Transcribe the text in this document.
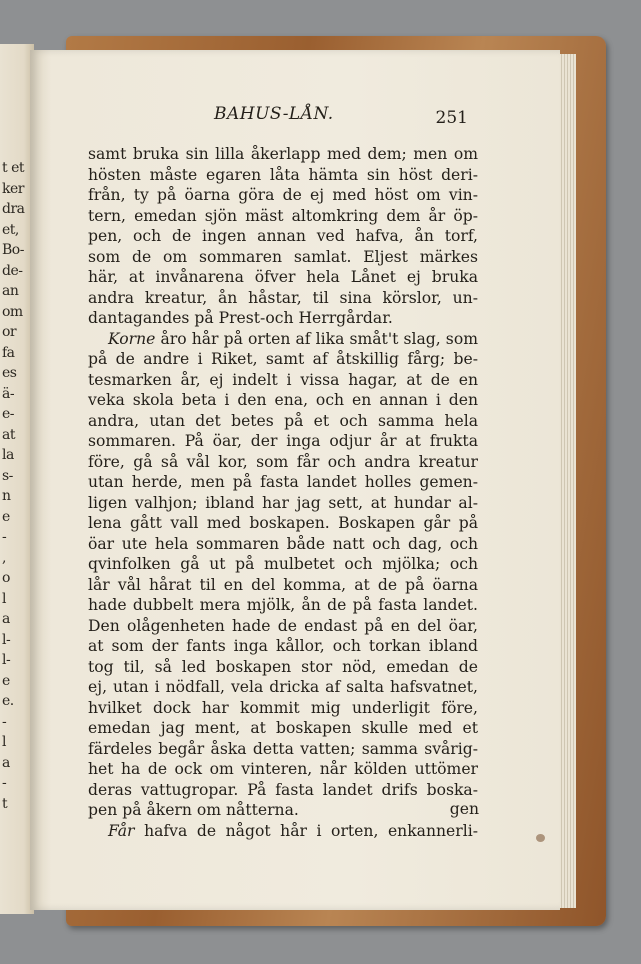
t et
ker
dra
et,
Bo-
de-
an
om
or
fa
es
ä-
e-
at
la
s-
n
e
-
,
o
l
a
l-
l-
e
e.
-
l
a
-
t
BAHUS-LÅN.	251

samt bruka sin lilla åkerlapp med dem; men om

hösten måste egaren låta hämta sin höst deri-

från, ty på öarna göra de ej med höst om vin-

tern, emedan sjön mäst altomkring dem år öp-

pen, och de ingen annan ved hafva, ån torf,

som de om sommaren samlat. Eljest märkes

här, at invånarena öfver hela Lånet ej bruka

andra kreatur, ån håstar, til sina körslor, un-

dantagandes på Prest-och Herrgårdar.

Korne åro hår på orten af lika småt't slag, som

på de andre i Riket, samt af åtskillig fårg; be-

tesmarken år, ej indelt i vissa hagar, at de en

veka skola beta i den ena, och en annan i den

andra, utan det betes på et och samma hela

sommaren. På öar, der inga odjur år at frukta

före, gå så vål kor, som får och andra kreatur

utan herde, men på fasta landet holles gemen-

ligen valhjon; ibland har jag sett, at hundar al-

lena gått vall med boskapen. Boskapen går på

öar ute hela sommaren både natt och dag, och

qvinfolken gå ut på mulbetet och mjölka; och

lår vål hårat til en del komma, at de på öarna

hade dubbelt mera mjölk, ån de på fasta landet.

Den olågenheten hade de endast på en del öar,

at som der fants inga kållor, och torkan ibland

tog til, så led boskapen stor nöd, emedan de

ej, utan i nödfall, vela dricka af salta hafsvatnet,

hvilket dock har kommit mig underligit före,

emedan jag ment, at boskapen skulle med et

färdeles begår åska detta vatten; samma svårig-

het ha de ock om vinteren, når kölden uttömer

deras vattugropar. På fasta landet drifs boska-

pen på åkern om nåtterna.

Får hafva de något hår i orten, enkannerli-

gen
